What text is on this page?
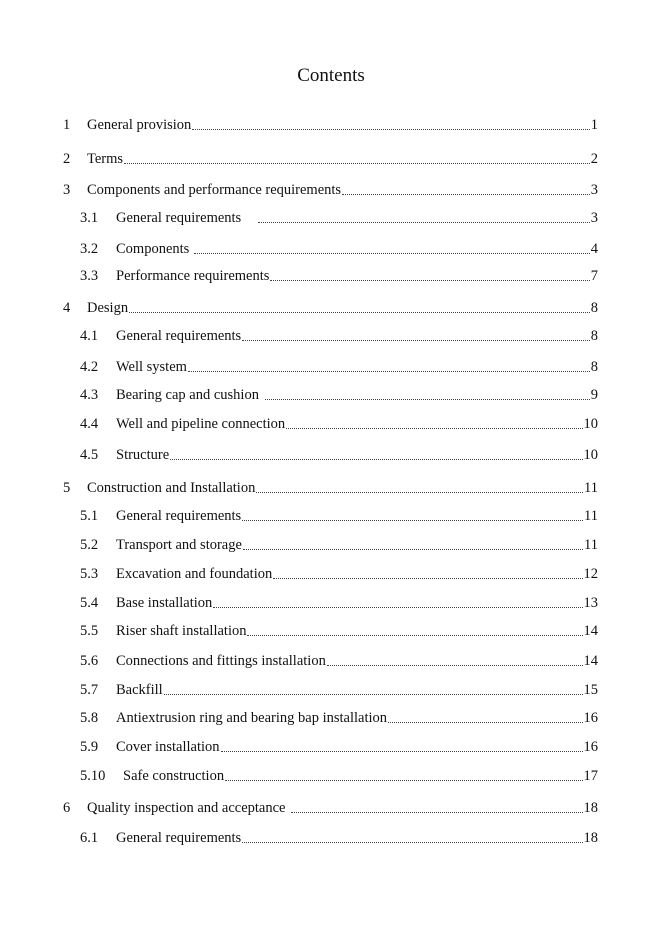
Contents
1	General provision	1
2	Terms	2
3	Components and performance requirements	3
3.1	General requirements	3
3.2	Components	4
3.3	Performance requirements	7
4	Design	8
4.1	General requirements	8
4.2	Well system	8
4.3	Bearing cap and cushion	9
4.4	Well and pipeline connection	10
4.5	Structure	10
5	Construction and Installation	11
5.1	General requirements	11
5.2	Transport and storage	11
5.3	Excavation and foundation	12
5.4	Base installation	13
5.5	Riser shaft installation	14
5.6	Connections and fittings installation	14
5.7	Backfill	15
5.8	Antiextrusion ring and bearing bap installation	16
5.9	Cover installation	16
5.10	Safe construction	17
6	Quality inspection and acceptance	18
6.1	General requirements	18
